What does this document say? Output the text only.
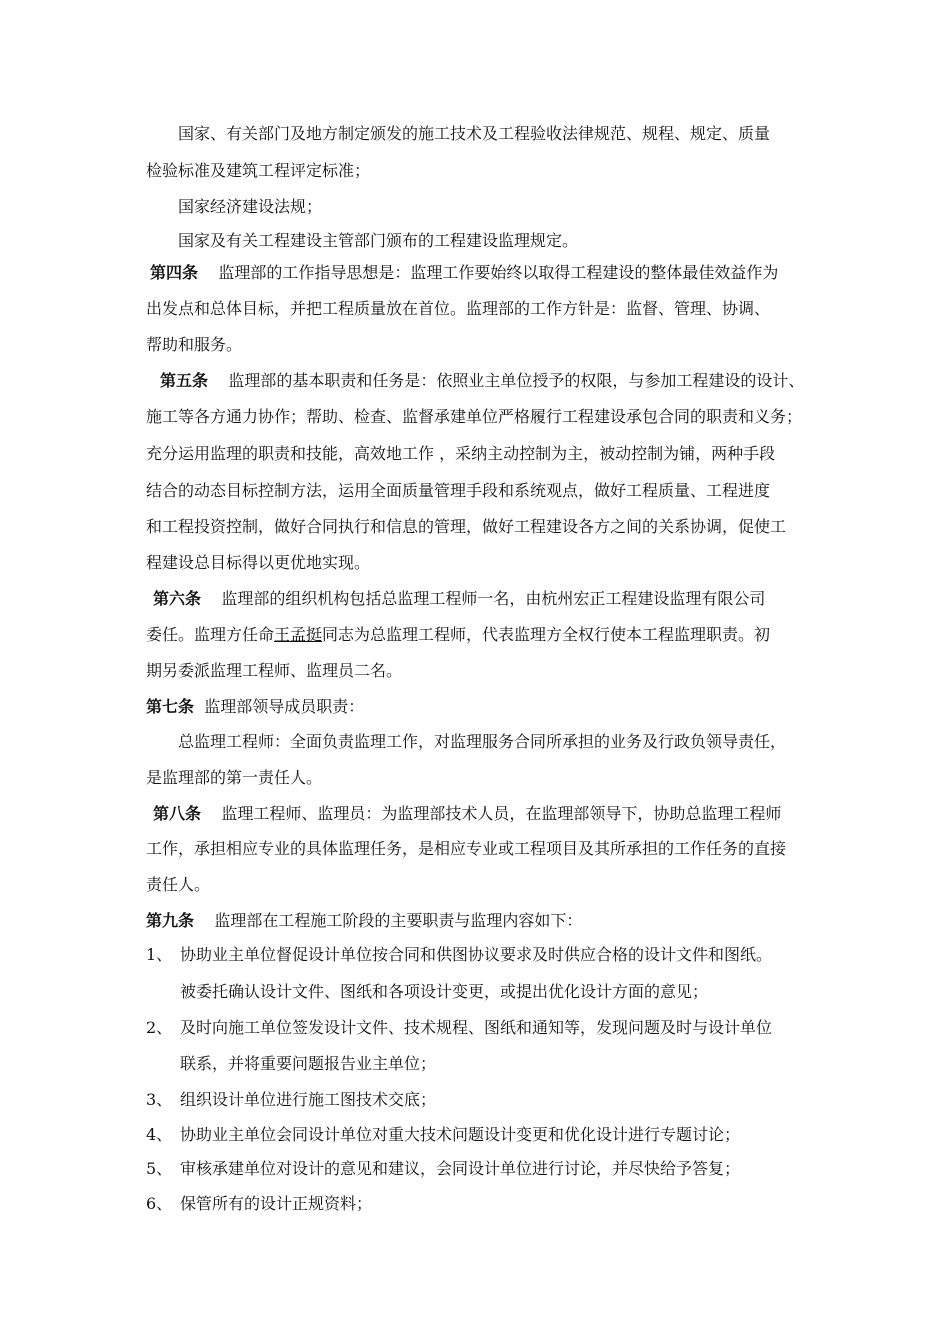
国家、有关部门及地方制定颁发的施工技术及工程验收法律规范、规程、规定、质量
检验标准及建筑工程评定标准；
国家经济建设法规；
国家及有关工程建设主管部门颁布的工程建设监理规定。
第四条 监理部的工作指导思想是：监理工作要始终以取得工程建设的整体最佳效益作为
出发点和总体目标，并把工程质量放在首位。监理部的工作方针是：监督、管理、协调、
帮助和服务。
第五条 监理部的基本职责和任务是：依照业主单位授予的权限，与参加工程建设的设计、
施工等各方通力协作；帮助、检查、监督承建单位严格履行工程建设承包合同的职责和义务；
充分运用监理的职责和技能，高效地工作 ，采纳主动控制为主，被动控制为铺，两种手段
结合的动态目标控制方法，运用全面质量管理手段和系统观点，做好工程质量、工程进度
和工程投资控制，做好合同执行和信息的管理，做好工程建设各方之间的关系协调，促使工
程建设总目标得以更优地实现。
第六条 监理部的组织机构包括总监理工程师一名，由杭州宏正工程建设监理有限公司
委任。监理方任命王孟挺同志为总监理工程师，代表监理方全权行使本工程监理职责。初
期另委派监理工程师、监理员二名。
第七条 监理部领导成员职责：
总监理工程师：全面负责监理工作，对监理服务合同所承担的业务及行政负领导责任，
是监理部的第一责任人。
第八条 监理工程师、监理员：为监理部技术人员，在监理部领导下，协助总监理工程师
工作，承担相应专业的具体监理任务，是相应专业或工程项目及其所承担的工作任务的直接
责任人。
第九条 监理部在工程施工阶段的主要职责与监理内容如下：
1、 协助业主单位督促设计单位按合同和供图协议要求及时供应合格的设计文件和图纸。
被委托确认设计文件、图纸和各项设计变更，或提出优化设计方面的意见；
2、 及时向施工单位签发设计文件、技术规程、图纸和通知等，发现问题及时与设计单位
联系，并将重要问题报告业主单位；
3、 组织设计单位进行施工图技术交底；
4、 协助业主单位会同设计单位对重大技术问题设计变更和优化设计进行专题讨论；
5、 审核承建单位对设计的意见和建议，会同设计单位进行讨论，并尽快给予答复；
6、 保管所有的设计正规资料；
